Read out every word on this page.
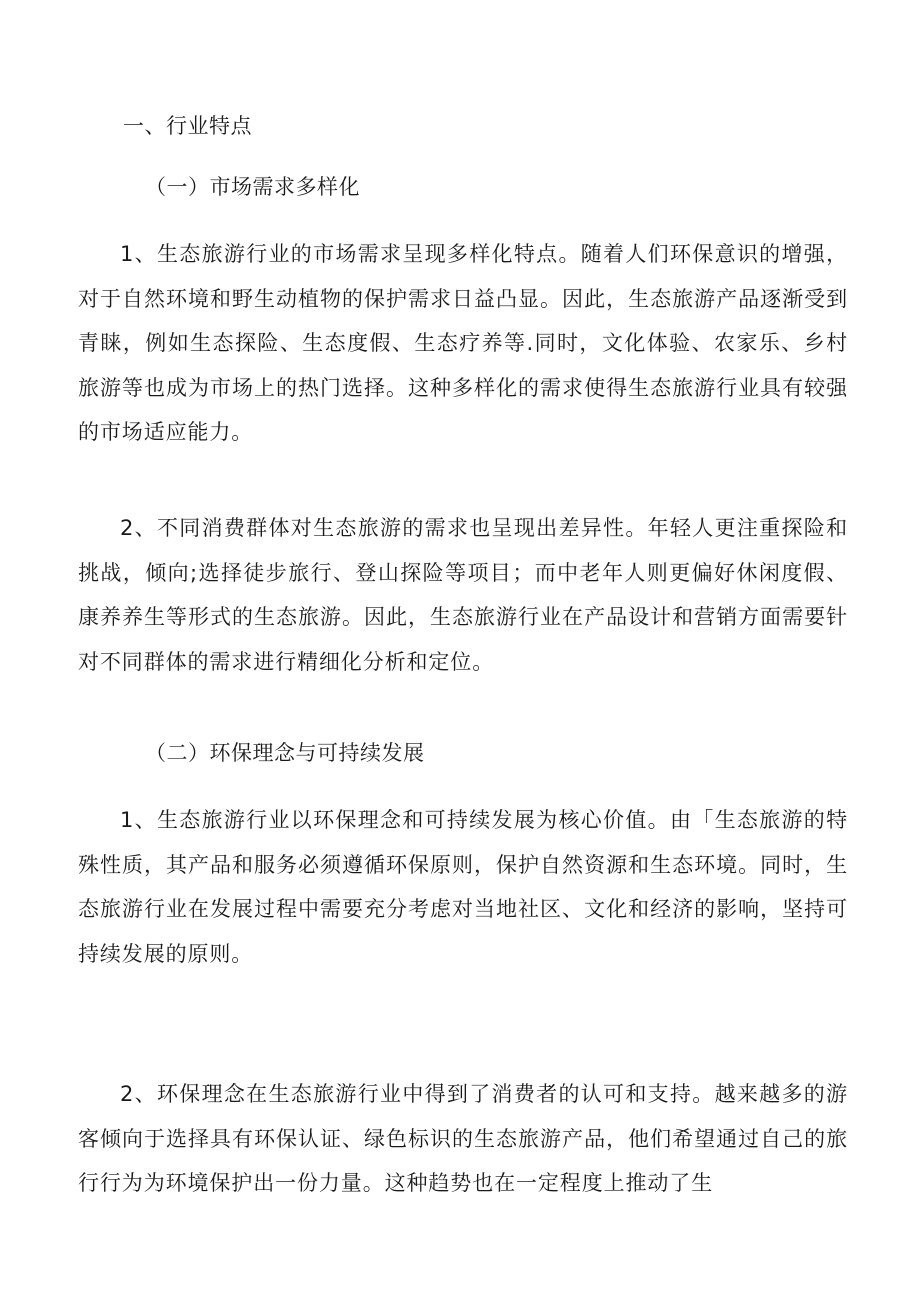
一、行业特点
（一）市场需求多样化
1、生态旅游行业的市场需求呈现多样化特点。随着人们环保意识的增强，对于自然环境和野生动植物的保护需求日益凸显。因此，生态旅游产品逐渐受到青睐，例如生态探险、生态度假、生态疗养等.同时，文化体验、农家乐、乡村旅游等也成为市场上的热门选择。这种多样化的需求使得生态旅游行业具有较强的市场适应能力。
2、不同消费群体对生态旅游的需求也呈现出差异性。年轻人更注重探险和挑战，倾向;选择徒步旅行、登山探险等项目；而中老年人则更偏好休闲度假、康养养生等形式的生态旅游。因此，生态旅游行业在产品设计和营销方面需要针对不同群体的需求进行精细化分析和定位。
（二）环保理念与可持续发展
1、生态旅游行业以环保理念和可持续发展为核心价值。由「生态旅游的特殊性质，其产品和服务必须遵循环保原则，保护自然资源和生态环境。同时，生态旅游行业在发展过程中需要充分考虑对当地社区、文化和经济的影响，坚持可持续发展的原则。
2、环保理念在生态旅游行业中得到了消费者的认可和支持。越来越多的游客倾向于选择具有环保认证、绿色标识的生态旅游产品，他们希望通过自己的旅行行为为环境保护出一份力量。这种趋势也在一定程度上推动了生
